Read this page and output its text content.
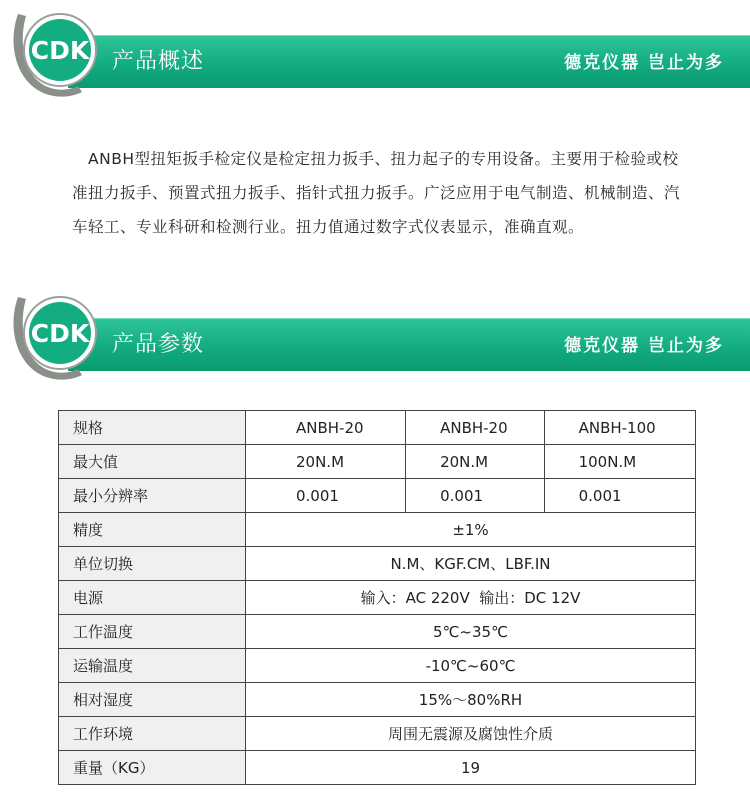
CDK 产品概述	德克仪器 岂止为多

ANBH型扭矩扳手检定仪是检定扭力扳手、扭力起子的专用设备。主要用于检验或校准扭力扳手、预置式扭力扳手、指针式扭力扳手。广泛应用于电气制造、机械制造、汽车轻工、专业科研和检测行业。扭力值通过数字式仪表显示，准确直观。

CDK 产品参数	德克仪器 岂止为多
规格	ANBH-20	ANBH-20	ANBH-100
最大值	20N.M	20N.M	100N.M
最小分辨率	0.001	0.001	0.001
精度	±1%		
单位切换	N.M、KGF.CM、LBF.IN		
电源	输入：AC 220V  输出：DC 12V		
工作温度	5℃~35℃		
运输温度	-10℃~60℃		
相对湿度	15%～80%RH		
工作环境	周围无震源及腐蚀性介质		
重量（KG）	19		
